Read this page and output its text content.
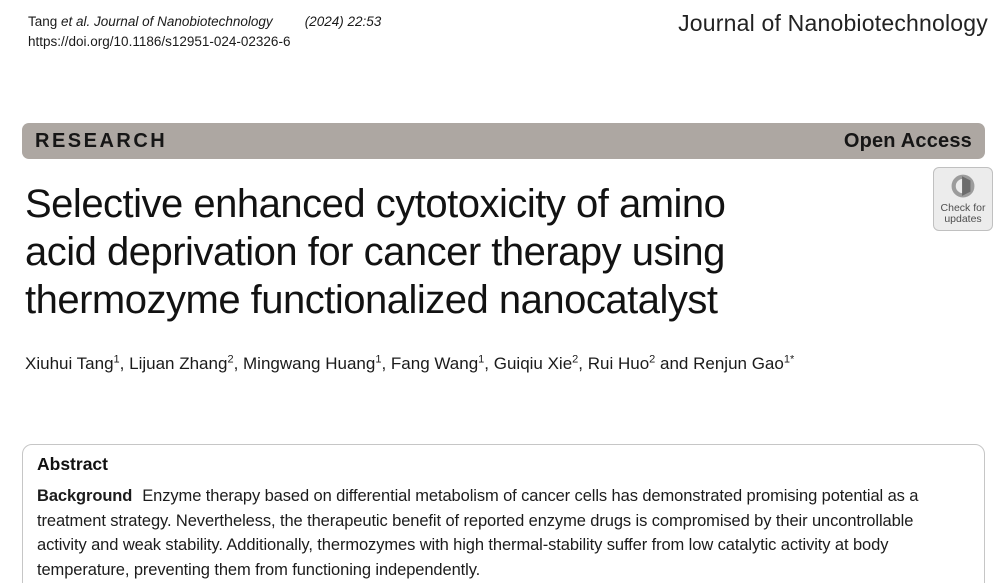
Tang et al. Journal of Nanobiotechnology (2024) 22:53
https://doi.org/10.1186/s12951-024-02326-6
Journal of Nanobiotechnology
RESEARCH	Open Access
Check for
updates
Selective enhanced cytotoxicity of amino
acid deprivation for cancer therapy using
thermozyme functionalized nanocatalyst
Xiuhui Tang$^1$, Lijuan Zhang$^2$, Mingwang Huang$^1$, Fang Wang$^1$, Guiqiu Xie$^2$, Rui Huo$^2$ and Renjun Gao$^{1*}$
Abstract
Background Enzyme therapy based on differential metabolism of cancer cells has demonstrated promising potential as a treatment strategy. Nevertheless, the therapeutic benefit of reported enzyme drugs is compromised by their uncontrollable activity and weak stability. Additionally, thermozymes with high thermal-stability suffer from low catalytic activity at body temperature, preventing them from functioning independently.
